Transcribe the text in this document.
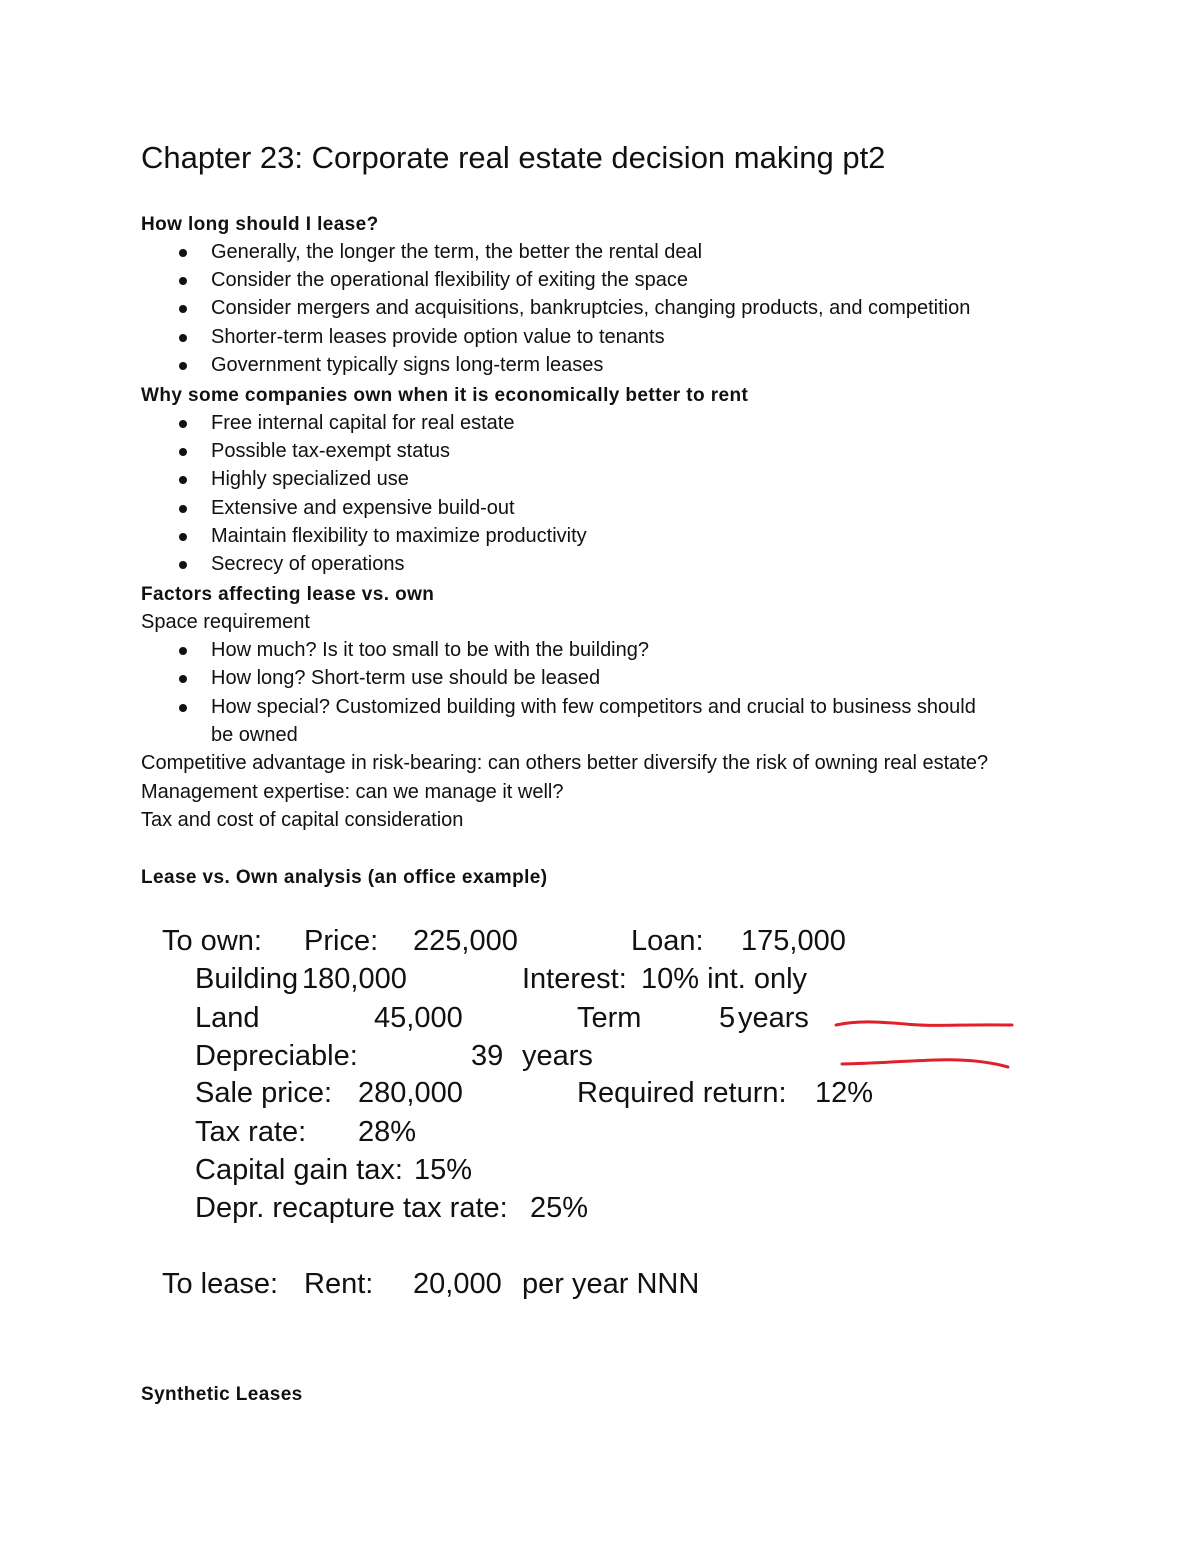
Chapter 23: Corporate real estate decision making pt2
How long should I lease?
Generally, the longer the term, the better the rental deal
Consider the operational flexibility of exiting the space
Consider mergers and acquisitions, bankruptcies, changing products, and competition
Shorter-term leases provide option value to tenants
Government typically signs long-term leases
Why some companies own when it is economically better to rent
Free internal capital for real estate
Possible tax-exempt status
Highly specialized use
Extensive and expensive build-out
Maintain flexibility to maximize productivity
Secrecy of operations
Factors affecting lease vs. own
Space requirement
How much? Is it too small to be with the building?
How long? Short-term use should be leased
How special? Customized building with few competitors and crucial to business should
be owned
Competitive advantage in risk-bearing: can others better diversify the risk of owning real estate?
Management expertise: can we manage it well?
Tax and cost of capital consideration
Lease vs. Own analysis (an office example)
To own: Price: 225,000	Loan: 175,000
Building 180,000	Interest: 10% int. only
Land	45,000	Term	5 years
Depreciable:	39 years
Sale price: 280,000	Required return: 12%
Tax rate: 28%
Capital gain tax: 15%
Depr. recapture tax rate: 25%
To lease: Rent: 20,000 per year NNN
Synthetic Leases
